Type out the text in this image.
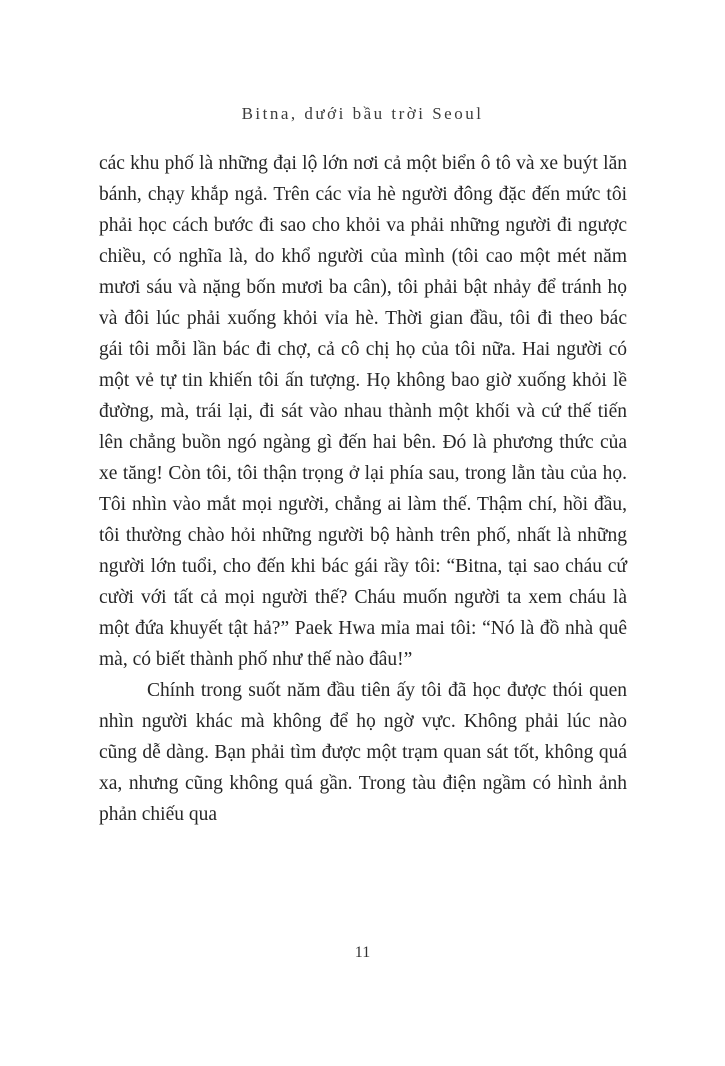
Bitna, dưới bầu trời Seoul

các khu phố là những đại lộ lớn nơi cả một biển ô tô và xe buýt lăn bánh, chạy khắp ngả. Trên các vỉa hè người đông đặc đến mức tôi phải học cách bước đi sao cho khỏi va phải những người đi ngược chiều, có nghĩa là, do khổ người của mình (tôi cao một mét năm mươi sáu và nặng bốn mươi ba cân), tôi phải bật nhảy để tránh họ và đôi lúc phải xuống khỏi vỉa hè. Thời gian đầu, tôi đi theo bác gái tôi mỗi lần bác đi chợ, cả cô chị họ của tôi nữa. Hai người có một vẻ tự tin khiến tôi ấn tượng. Họ không bao giờ xuống khỏi lề đường, mà, trái lại, đi sát vào nhau thành một khối và cứ thế tiến lên chẳng buồn ngó ngàng gì đến hai bên. Đó là phương thức của xe tăng! Còn tôi, tôi thận trọng ở lại phía sau, trong lằn tàu của họ. Tôi nhìn vào mắt mọi người, chẳng ai làm thế. Thậm chí, hồi đầu, tôi thường chào hỏi những người bộ hành trên phố, nhất là những người lớn tuổi, cho đến khi bác gái rầy tôi: “Bitna, tại sao cháu cứ cười với tất cả mọi người thế? Cháu muốn người ta xem cháu là một đứa khuyết tật hả?” Paek Hwa mỉa mai tôi: “Nó là đồ nhà quê mà, có biết thành phố như thế nào đâu!”

Chính trong suốt năm đầu tiên ấy tôi đã học được thói quen nhìn người khác mà không để họ ngờ vực. Không phải lúc nào cũng dễ dàng. Bạn phải tìm được một trạm quan sát tốt, không quá xa, nhưng cũng không quá gần. Trong tàu điện ngầm có hình ảnh phản chiếu qua

11
